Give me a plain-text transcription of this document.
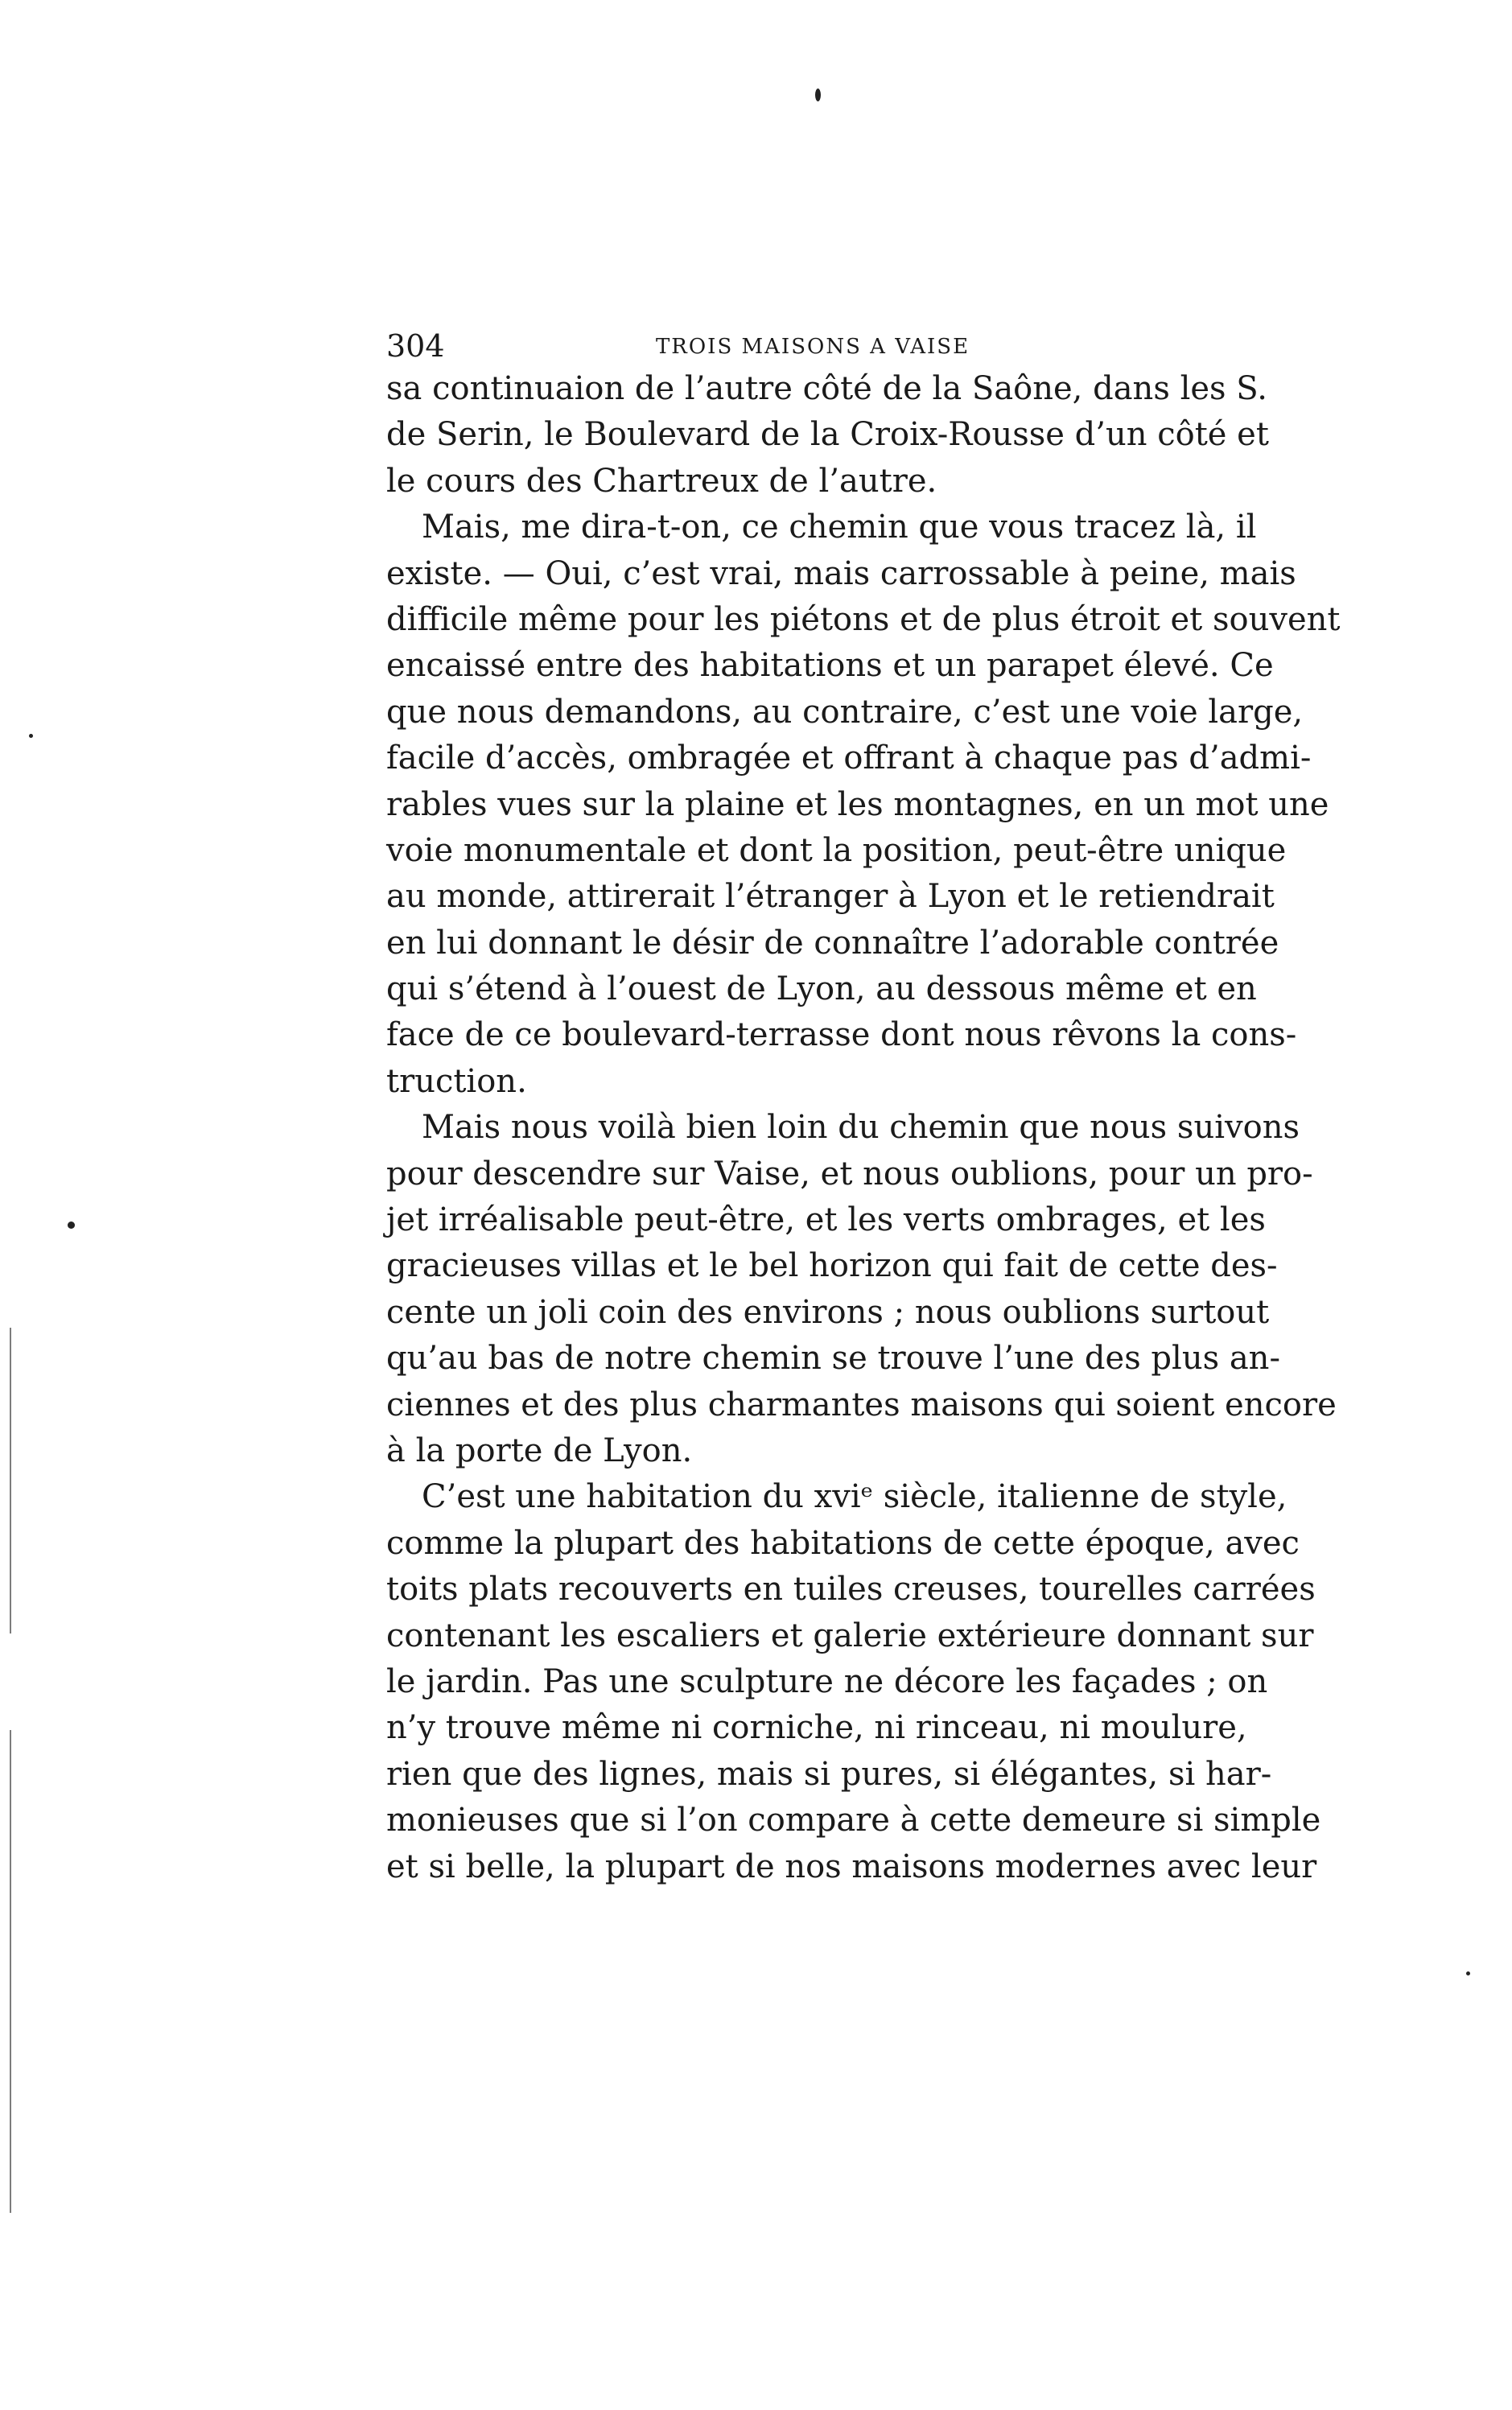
304	TROIS MAISONS A VAISE
sa continuaion de l’autre côté de la Saône, dans les S.
de Serin, le Boulevard de la Croix-Rousse d’un côté et
le cours des Chartreux de l’autre.
Mais, me dira-t-on, ce chemin que vous tracez là, il
existe. — Oui, c’est vrai, mais carrossable à peine, mais
difficile même pour les piétons et de plus étroit et souvent
encaissé entre des habitations et un parapet élevé. Ce
que nous demandons, au contraire, c’est une voie large,
facile d’accès, ombragée et offrant à chaque pas d’admi-
rables vues sur la plaine et les montagnes, en un mot une
voie monumentale et dont la position, peut-être unique
au monde, attirerait l’étranger à Lyon et le retiendrait
en lui donnant le désir de connaître l’adorable contrée
qui s’étend à l’ouest de Lyon, au dessous même et en
face de ce boulevard-terrasse dont nous rêvons la cons-
truction.
Mais nous voilà bien loin du chemin que nous suivons
pour descendre sur Vaise, et nous oublions, pour un pro-
jet irréalisable peut-être, et les verts ombrages, et les
gracieuses villas et le bel horizon qui fait de cette des-
cente un joli coin des environs ; nous oublions surtout
qu’au bas de notre chemin se trouve l’une des plus an-
ciennes et des plus charmantes maisons qui soient encore
à la porte de Lyon.
C’est une habitation du xviᵉ siècle, italienne de style,
comme la plupart des habitations de cette époque, avec
toits plats recouverts en tuiles creuses, tourelles carrées
contenant les escaliers et galerie extérieure donnant sur
le jardin. Pas une sculpture ne décore les façades ; on
n’y trouve même ni corniche, ni rinceau, ni moulure,
rien que des lignes, mais si pures, si élégantes, si har-
monieuses que si l’on compare à cette demeure si simple
et si belle, la plupart de nos maisons modernes avec leur
